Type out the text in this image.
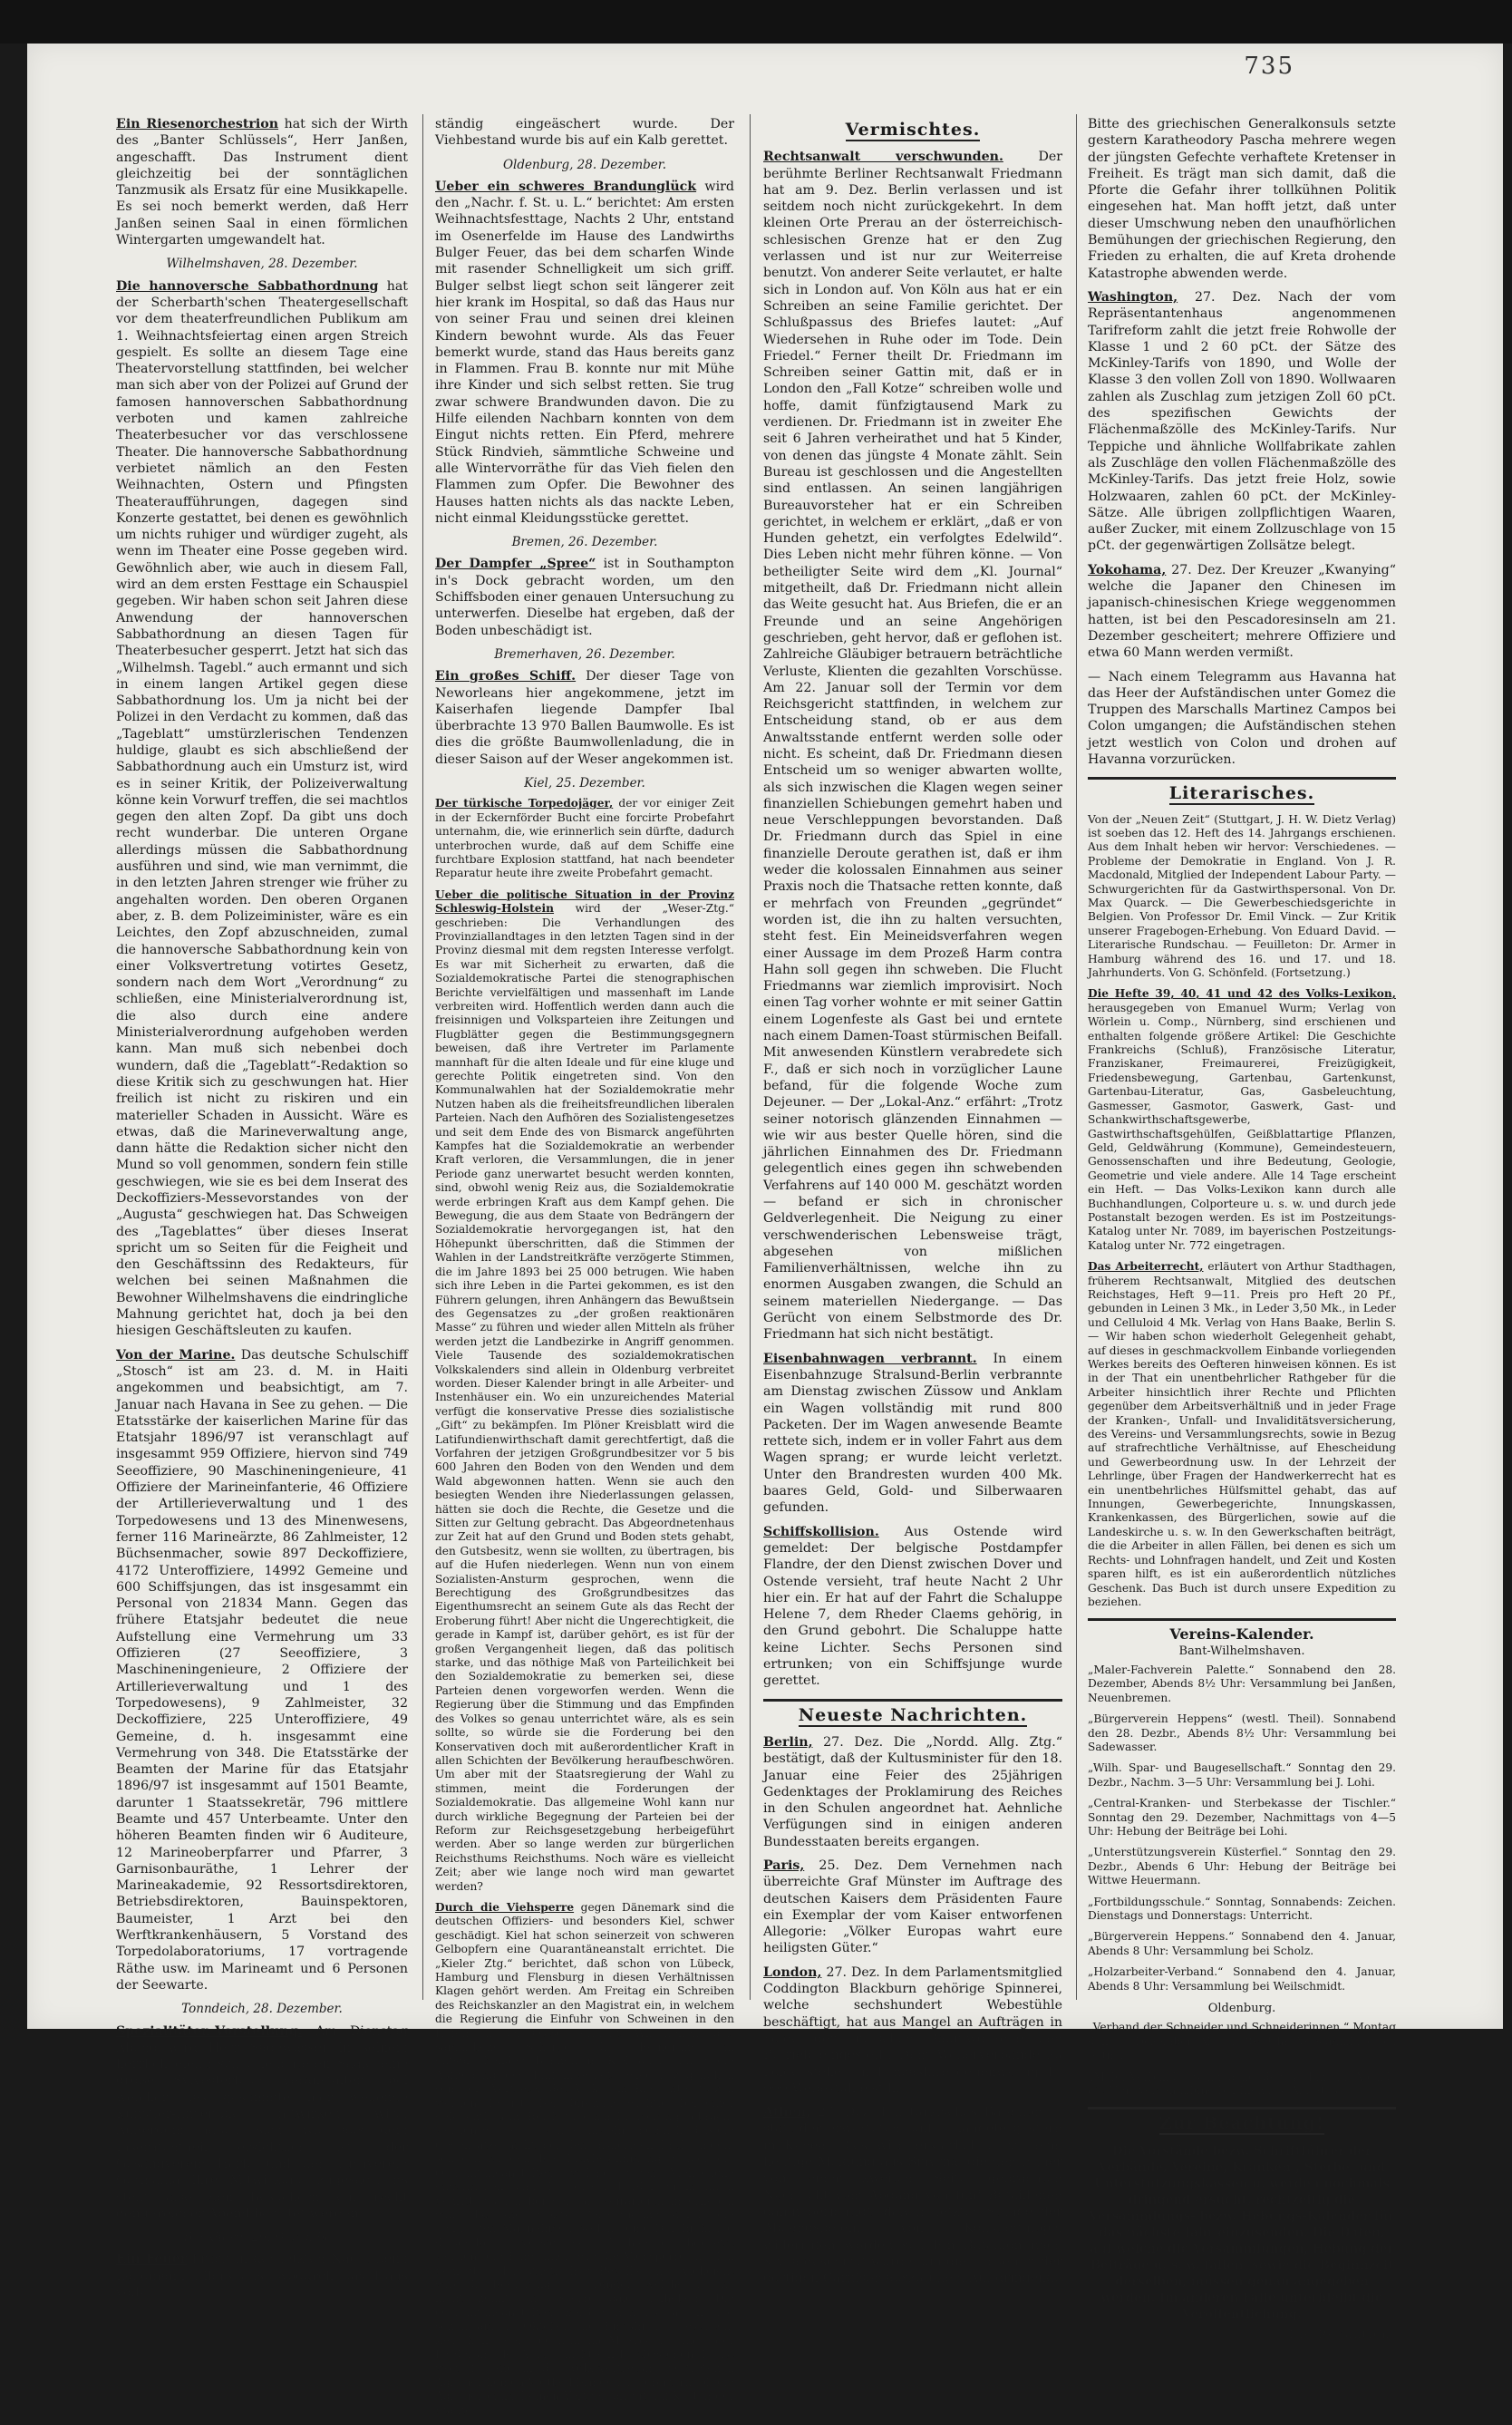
735

Ein Riesenorchestrion hat sich der Wirth des „Banter Schlüssels“, Herr Janßen, angeschafft. Das Instrument dient gleichzeitig bei der sonntäglichen Tanzmusik als Ersatz für eine Musikkapelle. Es sei noch bemerkt werden, daß Herr Janßen seinen Saal in einen förmlichen Wintergarten umgewandelt hat.

Wilhelmshaven, 28. Dezember.

Die hannoversche Sabbathordnung hat der Scherbarth'schen Theatergesellschaft vor dem theaterfreundlichen Publikum am 1. Weihnachtsfeiertag einen argen Streich gespielt. Es sollte an diesem Tage eine Theatervorstellung stattfinden, bei welcher man sich aber von der Polizei auf Grund der famosen hannoverschen Sabbathordnung verboten und kamen zahlreiche Theaterbesucher vor das verschlossene Theater. Die hannoversche Sabbathordnung verbietet nämlich an den Festen Weihnachten, Ostern und Pfingsten Theateraufführungen, dagegen sind Konzerte gestattet, bei denen es gewöhnlich um nichts ruhiger und würdiger zugeht, als wenn im Theater eine Posse gegeben wird. Gewöhnlich aber, wie auch in diesem Fall, wird an dem ersten Festtage ein Schauspiel gegeben. Wir haben schon seit Jahren diese Anwendung der hannoverschen Sabbathordnung an diesen Tagen für Theaterbesucher gesperrt. Jetzt hat sich das „Wilhelmsh. Tagebl.“ auch ermannt und sich in einem langen Artikel gegen diese Sabbathordnung los. Um ja nicht bei der Polizei in den Verdacht zu kommen, daß das „Tageblatt“ umstürzlerischen Tendenzen huldige, glaubt es sich abschließend der Sabbathordnung auch ein Umsturz ist, wird es in seiner Kritik, der Polizeiverwaltung könne kein Vorwurf treffen, die sei machtlos gegen den alten Zopf. Da gibt uns doch recht wunderbar. Die unteren Organe allerdings müssen die Sabbathordnung ausführen und sind, wie man vernimmt, die in den letzten Jahren strenger wie früher zu angehalten worden. Den oberen Organen aber, z. B. dem Polizeiminister, wäre es ein Leichtes, den Zopf abzuschneiden, zumal die hannoversche Sabbathordnung kein von einer Volksvertretung votirtes Gesetz, sondern nach dem Wort „Verordnung“ zu schließen, eine Ministerialverordnung ist, die also durch eine andere Ministerialverordnung aufgehoben werden kann. Man muß sich nebenbei doch wundern, daß die „Tageblatt“-Redaktion so diese Kritik sich zu geschwungen hat. Hier freilich ist nicht zu riskiren und ein materieller Schaden in Aussicht. Wäre es etwas, daß die Marineverwaltung ange, dann hätte die Redaktion sicher nicht den Mund so voll genommen, sondern fein stille geschwiegen, wie sie es bei dem Inserat des Deckoffiziers-Messevorstandes von der „Augusta“ geschwiegen hat. Das Schweigen des „Tageblattes“ über dieses Inserat spricht um so Seiten für die Feigheit und den Geschäftssinn des Redakteurs, für welchen bei seinen Maßnahmen die Bewohner Wilhelmshavens die eindringliche Mahnung gerichtet hat, doch ja bei den hiesigen Geschäftsleuten zu kaufen.

Von der Marine. Das deutsche Schulschiff „Stosch“ ist am 23. d. M. in Haiti angekommen und beabsichtigt, am 7. Januar nach Havana in See zu gehen. — Die Etatsstärke der kaiserlichen Marine für das Etatsjahr 1896/97 ist veranschlagt auf insgesammt 959 Offiziere, hiervon sind 749 Seeoffiziere, 90 Maschineningenieure, 41 Offiziere der Marineinfanterie, 46 Offiziere der Artillerieverwaltung und 1 des Torpedowesens und 13 des Minenwesens, ferner 116 Marineärzte, 86 Zahlmeister, 12 Büchsenmacher, sowie 897 Deckoffiziere, 4172 Unteroffiziere, 14992 Gemeine und 600 Schiffsjungen, das ist insgesammt ein Personal von 21834 Mann. Gegen das frühere Etatsjahr bedeutet die neue Aufstellung eine Vermehrung um 33 Offizieren (27 Seeoffiziere, 3 Maschineningenieure, 2 Offiziere der Artillerieverwaltung und 1 des Torpedowesens), 9 Zahlmeister, 32 Deckoffiziere, 225 Unteroffiziere, 49 Gemeine, d. h. insgesammt eine Vermehrung von 348. Die Etatsstärke der Beamten der Marine für das Etatsjahr 1896/97 ist insgesammt auf 1501 Beamte, darunter 1 Staatssekretär, 796 mittlere Beamte und 457 Unterbeamte. Unter den höheren Beamten finden wir 6 Auditeure, 12 Marineoberpfarrer und Pfarrer, 3 Garnisonbauräthe, 1 Lehrer der Marineakademie, 92 Ressortsdirektoren, Betriebsdirektoren, Bauinspektoren, Baumeister, 1 Arzt bei den Werftkrankenhäusern, 5 Vorstand des Torpedolaboratoriums, 17 vortragende Räthe usw. im Marineamt und 6 Personen der Seewarte.

Tonndeich, 28. Dezember.

Spezialitäten-Vorstellung. Am Dienstag Abend wird Herr Sadewasser in seinem herrlich elektrisch erleuchteten Saale eine große Sylvesterfeier veranstalten, bei welcher das gesammte hier weilende Künstler-Ensemble mitwirken wird. Außerdem haben sich, wie aus dem Inseratentheil ersichtlich ist, der Gesangverein Harfe und der Turnverein Germania ihre Mitwirkung zugesagt. Es steht also den Besuchern ein recht genußreicher Abend bereitet werden.

Bockhorn, 26. Dezember.

Ein Feuer brach in der letzten Nacht beim Landmann Eilers aus, wodurch das Haus voll-

ständig eingeäschert wurde. Der Viehbestand wurde bis auf ein Kalb gerettet.

Oldenburg, 28. Dezember.

Ueber ein schweres Brandunglück wird den „Nachr. f. St. u. L.“ berichtet: Am ersten Weihnachtsfesttage, Nachts 2 Uhr, entstand im Osenerfelde im Hause des Landwirths Bulger Feuer, das bei dem scharfen Winde mit rasender Schnelligkeit um sich griff. Bulger selbst liegt schon seit längerer zeit hier krank im Hospital, so daß das Haus nur von seiner Frau und seinen drei kleinen Kindern bewohnt wurde. Als das Feuer bemerkt wurde, stand das Haus bereits ganz in Flammen. Frau B. konnte nur mit Mühe ihre Kinder und sich selbst retten. Sie trug zwar schwere Brandwunden davon. Die zu Hilfe eilenden Nachbarn konnten von dem Eingut nichts retten. Ein Pferd, mehrere Stück Rindvieh, sämmtliche Schweine und alle Wintervorräthe für das Vieh fielen den Flammen zum Opfer. Die Bewohner des Hauses hatten nichts als das nackte Leben, nicht einmal Kleidungsstücke gerettet.

Bremen, 26. Dezember.

Der Dampfer „Spree“ ist in Southampton in's Dock gebracht worden, um den Schiffsboden einer genauen Untersuchung zu unterwerfen. Dieselbe hat ergeben, daß der Boden unbeschädigt ist.

Bremerhaven, 26. Dezember.

Ein großes Schiff. Der dieser Tage von Neworleans hier angekommene, jetzt im Kaiserhafen liegende Dampfer Ibal überbrachte 13 970 Ballen Baumwolle. Es ist dies die größte Baumwollenladung, die in dieser Saison auf der Weser angekommen ist.

Kiel, 25. Dezember.

Der türkische Torpedojäger, der vor einiger Zeit in der Eckernförder Bucht eine forcirte Probefahrt unternahm, die, wie erinnerlich sein dürfte, dadurch unterbrochen wurde, daß auf dem Schiffe eine furchtbare Explosion stattfand, hat nach beendeter Reparatur heute ihre zweite Probefahrt gemacht.

Ueber die politische Situation in der Provinz Schleswig-Holstein wird der „Weser-Ztg.“ geschrieben: Die Verhandlungen des Provinziallandtages in den letzten Tagen sind in der Provinz diesmal mit dem regsten Interesse verfolgt. Es war mit Sicherheit zu erwarten, daß die Sozialdemokratische Partei die stenographischen Berichte vervielfältigen und massenhaft im Lande verbreiten wird. Hoffentlich werden dann auch die freisinnigen und Volksparteien ihre Zeitungen und Flugblätter gegen die Bestimmungsgegnern beweisen, daß ihre Vertreter im Parlamente mannhaft für die alten Ideale und für eine kluge und gerechte Politik eingetreten sind. Von den Kommunalwahlen hat der Sozialdemokratie mehr Nutzen haben als die freiheitsfreundlichen liberalen Parteien. Nach den Aufhören des Sozialistengesetzes und seit dem Ende des von Bismarck angeführten Kampfes hat die Sozialdemokratie an werbender Kraft verloren, die Versammlungen, die in jener Periode ganz unerwartet besucht werden konnten, sind, obwohl wenig Reiz aus, die Sozialdemokratie werde erbringen Kraft aus dem Kampf gehen. Die Bewegung, die aus dem Staate von Bedrängern der Sozialdemokratie hervorgegangen ist, hat den Höhepunkt überschritten, daß die Stimmen der Wahlen in der Landstreitkräfte verzögerte Stimmen, die im Jahre 1893 bei 25 000 betrugen. Wie haben sich ihre Leben in die Partei gekommen, es ist den Führern gelungen, ihren Anhängern das Bewußtsein des Gegensatzes zu „der großen reaktionären Masse“ zu führen und wieder allen Mitteln als früher werden jetzt die Landbezirke in Angriff genommen. Viele Tausende des sozialdemokratischen Volkskalenders sind allein in Oldenburg verbreitet worden. Dieser Kalender bringt in alle Arbeiter- und Instenhäuser ein. Wo ein unzureichendes Material verfügt die konservative Presse dies sozialistische „Gift“ zu bekämpfen. Im Plöner Kreisblatt wird die Latifundienwirthschaft damit gerechtfertigt, daß die Vorfahren der jetzigen Großgrundbesitzer vor 5 bis 600 Jahren den Boden von den Wenden und dem Wald abgewonnen hatten. Wenn sie auch den besiegten Wenden ihre Niederlassungen gelassen, hätten sie doch die Rechte, die Gesetze und die Sitten zur Geltung gebracht. Das Abgeordnetenhaus zur Zeit hat auf den Grund und Boden stets gehabt, den Gutsbesitz, wenn sie wollten, zu übertragen, bis auf die Hufen niederlegen. Wenn nun von einem Sozialisten-Ansturm gesprochen, wenn die Berechtigung des Großgrundbesitzes das Eigenthumsrecht an seinem Gute als das Recht der Eroberung führt! Aber nicht die Ungerechtigkeit, die gerade in Kampf ist, darüber gehört, es ist für der großen Vergangenheit liegen, daß das politisch starke, und das nöthige Maß von Parteilichkeit bei den Sozialdemokratie zu bemerken sei, diese Parteien denen vorgeworfen werden. Wenn die Regierung über die Stimmung und das Empfinden des Volkes so genau unterrichtet wäre, als es sein sollte, so würde sie die Forderung bei den Konservativen doch mit außerordentlicher Kraft in allen Schichten der Bevölkerung heraufbeschwören. Um aber mit der Staatsregierung der Wahl zu stimmen, meint die Forderungen der Sozialdemokratie. Das allgemeine Wohl kann nur durch wirkliche Begegnung der Parteien bei der Reform zur Reichsgesetzgebung herbeigeführt werden. Aber so lange werden zur bürgerlichen Reichsthums Reichsthums. Noch wäre es vielleicht Zeit; aber wie lange noch wird man gewartet werden?

Durch die Viehsperre gegen Dänemark sind die deutschen Offiziers- und besonders Kiel, schwer geschädigt. Kiel hat schon seinerzeit von schweren Gelbopfern eine Quarantäneanstalt errichtet. Die „Kieler Ztg.“ berichtet, daß schon von Lübeck, Hamburg und Flensburg in diesen Verhältnissen Klagen gehört werden. Am Freitag ein Schreiben des Reichskanzler an den Magistrat ein, in welchem die Regierung die Einfuhr von Schweinen in den Häfen an der Ostsee erlaubt. Wir hoffen, daß sämmtliche Schritte die Regierung in entsprechenden Bahnen in Kiel auch durch die Aufhebung des Einfuhrverbots wieder zugänglich sein, die Vertreter des Volkes in Kiel unterstützen werden. Es ist aber durchaus wichtig, bei einer gelegentlich im Reichstage zur Erörterung gebracht werden würde. Es würde unwahrscheinlich, daß die Gegensätze nicht bei den bisherigen Erklärungen, sondern zu den Regulativbestimmungen über die Quarantäneanstalten, welche gegen Viehseuche einzuwirken sind, bei dieser Forderung in ihren Schritten auch bei der Großagrarierthum erheben will, daß die größte Berechtigung durch die politischen Maßnahmen, welche eine Durchführung dieser Regulative sich nicht überhand durchgesetzt werden, die Einwohner, wie die Viehsperre in allen Schichten der städtischen Bevölkerung. Vielleicht wird die Regierung aus Gründen, welche sie uns nicht nennt, die Sperre bald aufheben. Die Quarantäneanstalten werden nun zu lassen und schon am 1. Oktober die Einfuhr zu gestatten. Zwischen der Quarantäne-Maßregel und der Forderung des Volkes nicht ein Fortbestehen. Es ist wohl für die in der Volksvertretung vertretenen Agrarier keinen Vortheil bringen, zu erörtern, ob die Agrarier einmal einen Vortheil bringt auf Kosten der Städte.

Vermischtes.

Rechtsanwalt verschwunden. Der berühmte Berliner Rechtsanwalt Friedmann hat am 9. Dez. Berlin verlassen und ist seitdem noch nicht zurückgekehrt. In dem kleinen Orte Prerau an der österreichisch-schlesischen Grenze hat er den Zug verlassen und ist nur zur Weiterreise benutzt. Von anderer Seite verlautet, er halte sich in London auf. Von Köln aus hat er ein Schreiben an seine Familie gerichtet. Der Schlußpassus des Briefes lautet: „Auf Wiedersehen in Ruhe oder im Tode. Dein Friedel.“ Ferner theilt Dr. Friedmann im Schreiben seiner Gattin mit, daß er in London den „Fall Kotze“ schreiben wolle und hoffe, damit fünfzigtausend Mark zu verdienen. Dr. Friedmann ist in zweiter Ehe seit 6 Jahren verheirathet und hat 5 Kinder, von denen das jüngste 4 Monate zählt. Sein Bureau ist geschlossen und die Angestellten sind entlassen. An seinen langjährigen Bureauvorsteher hat er ein Schreiben gerichtet, in welchem er erklärt, „daß er von Hunden gehetzt, ein verfolgtes Edelwild“. Dies Leben nicht mehr führen könne. — Von betheiligter Seite wird dem „Kl. Journal“ mitgetheilt, daß Dr. Friedmann nicht allein das Weite gesucht hat. Aus Briefen, die er an Freunde und an seine Angehörigen geschrieben, geht hervor, daß er geflohen ist. Zahlreiche Gläubiger betrauern beträchtliche Verluste, Klienten die gezahlten Vorschüsse. Am 22. Januar soll der Termin vor dem Reichsgericht stattfinden, in welchem zur Entscheidung stand, ob er aus dem Anwaltsstande entfernt werden solle oder nicht. Es scheint, daß Dr. Friedmann diesen Entscheid um so weniger abwarten wollte, als sich inzwischen die Klagen wegen seiner finanziellen Schiebungen gemehrt haben und neue Verschleppungen bevorstanden. Daß Dr. Friedmann durch das Spiel in eine finanzielle Deroute gerathen ist, daß er ihm weder die kolossalen Einnahmen aus seiner Praxis noch die Thatsache retten konnte, daß er mehrfach von Freunden „gegründet“ worden ist, die ihn zu halten versuchten, steht fest. Ein Meineidsverfahren wegen einer Aussage im dem Prozeß Harm contra Hahn soll gegen ihn schweben. Die Flucht Friedmanns war ziemlich improvisirt. Noch einen Tag vorher wohnte er mit seiner Gattin einem Logenfeste als Gast bei und erntete nach einem Damen-Toast stürmischen Beifall. Mit anwesenden Künstlern verabredete sich F., daß er sich noch in vorzüglicher Laune befand, für die folgende Woche zum Dejeuner. — Der „Lokal-Anz.“ erfährt: „Trotz seiner notorisch glänzenden Einnahmen — wie wir aus bester Quelle hören, sind die jährlichen Einnahmen des Dr. Friedmann gelegentlich eines gegen ihn schwebenden Verfahrens auf 140 000 M. geschätzt worden — befand er sich in chronischer Geldverlegenheit. Die Neigung zu einer verschwenderischen Lebensweise trägt, abgesehen von mißlichen Familienverhältnissen, welche ihn zu enormen Ausgaben zwangen, die Schuld an seinem materiellen Niedergange. — Das Gerücht von einem Selbstmorde des Dr. Friedmann hat sich nicht bestätigt.

Eisenbahnwagen verbrannt. In einem Eisenbahnzuge Stralsund-Berlin verbrannte am Dienstag zwischen Züssow und Anklam ein Wagen vollständig mit rund 800 Packeten. Der im Wagen anwesende Beamte rettete sich, indem er in voller Fahrt aus dem Wagen sprang; er wurde leicht verletzt. Unter den Brandresten wurden 400 Mk. baares Geld, Gold- und Silberwaaren gefunden.

Schiffskollision. Aus Ostende wird gemeldet: Der belgische Postdampfer Flandre, der den Dienst zwischen Dover und Ostende versieht, traf heute Nacht 2 Uhr hier ein. Er hat auf der Fahrt die Schaluppe Helene 7, dem Rheder Claems gehörig, in den Grund gebohrt. Die Schaluppe hatte keine Lichter. Sechs Personen sind ertrunken; von ein Schiffsjunge wurde gerettet.

Neueste Nachrichten.

Berlin, 27. Dez. Die „Nordd. Allg. Ztg.“ bestätigt, daß der Kultusminister für den 18. Januar eine Feier des 25jährigen Gedenktages der Proklamirung des Reiches in den Schulen angeordnet hat. Aehnliche Verfügungen sind in einigen anderen Bundesstaaten bereits ergangen.

Paris, 25. Dez. Dem Vernehmen nach überreichte Graf Münster im Auftrage des deutschen Kaisers dem Präsidenten Faure ein Exemplar der vom Kaiser entworfenen Allegorie: „Völker Europas wahrt eure heiligsten Güter.“

London, 27. Dez. In dem Parlamentsmitglied Coddington Blackburn gehörige Spinnerei, welche sechshundert Webestühle beschäftigt, hat aus Mangel an Aufträgen in Folge der indischen Baumwollzölle den Betrieb eingestellt. Dem Weberverbande zu Folge stehen in Lancashire gegenwärtig 10 000 Webestühle still.

Athen, 27. Dez. Ein türkisches Bataillon — statt der erwarteten fünf — landete gestern in Kanea. Dies wird erklärlich durch eine heutige Meldung aus Smyrna, die den früher von einer zweiten Seite gebrachten Nachricht vom Abgang von fünf Bataillonen dahin berichtigt, daß in letzter Stunde der Abgangsbefehl von Konstantinopel widerrufen worden sei. Ein Bataillon nach Kreta geschickt wurde, um die Lücken in der dortigen Garnison auszufüllen. Auf dringende

Bitte des griechischen Generalkonsuls setzte gestern Karatheodory Pascha mehrere wegen der jüngsten Gefechte verhaftete Kretenser in Freiheit. Es trägt man sich damit, daß die Pforte die Gefahr ihrer tollkühnen Politik eingesehen hat. Man hofft jetzt, daß unter dieser Umschwung neben den unaufhörlichen Bemühungen der griechischen Regierung, den Frieden zu erhalten, die auf Kreta drohende Katastrophe abwenden werde.

Washington, 27. Dez. Nach der vom Repräsentantenhaus angenommenen Tarifreform zahlt die jetzt freie Rohwolle der Klasse 1 und 2 60 pCt. der Sätze des McKinley-Tarifs von 1890, und Wolle der Klasse 3 den vollen Zoll von 1890. Wollwaaren zahlen als Zuschlag zum jetzigen Zoll 60 pCt. des spezifischen Gewichts der Flächenmaßzölle des McKinley-Tarifs. Nur Teppiche und ähnliche Wollfabrikate zahlen als Zuschläge den vollen Flächenmaßzölle des McKinley-Tarifs. Das jetzt freie Holz, sowie Holzwaaren, zahlen 60 pCt. der McKinley-Sätze. Alle übrigen zollpflichtigen Waaren, außer Zucker, mit einem Zollzuschlage von 15 pCt. der gegenwärtigen Zollsätze belegt.

Yokohama, 27. Dez. Der Kreuzer „Kwanying“ welche die Japaner den Chinesen im japanisch-chinesischen Kriege weggenommen hatten, ist bei den Pescadoresinseln am 21. Dezember gescheitert; mehrere Offiziere und etwa 60 Mann werden vermißt.

— Nach einem Telegramm aus Havanna hat das Heer der Aufständischen unter Gomez die Truppen des Marschalls Martinez Campos bei Colon umgangen; die Aufständischen stehen jetzt westlich von Colon und drohen auf Havanna vorzurücken.

Literarisches.

Von der „Neuen Zeit“ (Stuttgart, J. H. W. Dietz Verlag) ist soeben das 12. Heft des 14. Jahrgangs erschienen. Aus dem Inhalt heben wir hervor: Verschiedenes. — Probleme der Demokratie in England. Von J. R. Macdonald, Mitglied der Independent Labour Party. — Schwurgerichten für da Gastwirthspersonal. Von Dr. Max Quarck. — Die Gewerbeschiedsgerichte in Belgien. Von Professor Dr. Emil Vinck. — Zur Kritik unserer Fragebogen-Erhebung. Von Eduard David. — Literarische Rundschau. — Feuilleton: Dr. Armer in Hamburg während des 16. und 17. und 18. Jahrhunderts. Von G. Schönfeld. (Fortsetzung.)

Die Hefte 39, 40, 41 und 42 des Volks-Lexikon, herausgegeben von Emanuel Wurm; Verlag von Wörlein u. Comp., Nürnberg, sind erschienen und enthalten folgende größere Artikel: Die Geschichte Frankreichs (Schluß), Französische Literatur, Franziskaner, Freimaurerei, Freizügigkeit, Friedensbewegung, Gartenbau, Gartenkunst, Gartenbau-Literatur, Gas, Gasbeleuchtung, Gasmesser, Gasmotor, Gaswerk, Gast- und Schankwirthschaftsgewerbe, Gastwirthschaftsgehülfen, Geißblattartige Pflanzen, Geld, Geldwährung (Kommune), Gemeindesteuern, Genossenschaften und ihre Bedeutung, Geologie, Geometrie und viele andere. Alle 14 Tage erscheint ein Heft. — Das Volks-Lexikon kann durch alle Buchhandlungen, Colporteure u. s. w. und durch jede Postanstalt bezogen werden. Es ist im Postzeitungs-Katalog unter Nr. 7089, im bayerischen Postzeitungs-Katalog unter Nr. 772 eingetragen.

Das Arbeiterrecht, erläutert von Arthur Stadthagen, früherem Rechtsanwalt, Mitglied des deutschen Reichstages, Heft 9—11. Preis pro Heft 20 Pf., gebunden in Leinen 3 Mk., in Leder 3,50 Mk., in Leder und Celluloid 4 Mk. Verlag von Hans Baake, Berlin S. — Wir haben schon wiederholt Gelegenheit gehabt, auf dieses in geschmackvollem Einbande vorliegenden Werkes bereits des Oefteren hinweisen können. Es ist in der That ein unentbehrlicher Rathgeber für die Arbeiter hinsichtlich ihrer Rechte und Pflichten gegenüber dem Arbeitsverhältniß und in jeder Frage der Kranken-, Unfall- und Invaliditätsversicherung, des Vereins- und Versammlungsrechts, sowie in Bezug auf strafrechtliche Verhältnisse, auf Ehescheidung und Gewerbeordnung usw. In der Lehrzeit der Lehrlinge, über Fragen der Handwerkerrecht hat es ein unentbehrliches Hülfsmittel gehabt, das auf Innungen, Gewerbegerichte, Innungskassen, Krankenkassen, des Bürgerlichen, sowie auf die Landeskirche u. s. w. In den Gewerkschaften beiträgt, die die Arbeiter in allen Fällen, bei denen es sich um Rechts- und Lohnfragen handelt, und Zeit und Kosten sparen hilft, es ist ein außerordentlich nützliches Geschenk. Das Buch ist durch unsere Expedition zu beziehen.

Vereins-Kalender.
Bant-Wilhelmshaven.

„Maler-Fachverein Palette.“ Sonnabend den 28. Dezember, Abends 8½ Uhr: Versammlung bei Janßen, Neuenbremen.

„Bürgerverein Heppens“ (westl. Theil). Sonnabend den 28. Dezbr., Abends 8½ Uhr: Versammlung bei Sadewasser.

„Wilh. Spar- und Baugesellschaft.“ Sonntag den 29. Dezbr., Nachm. 3—5 Uhr: Versammlung bei J. Lohi.

„Central-Kranken- und Sterbekasse der Tischler.“ Sonntag den 29. Dezember, Nachmittags von 4—5 Uhr: Hebung der Beiträge bei Lohi.

„Unterstützungsverein Küsterfiel.“ Sonntag den 29. Dezbr., Abends 6 Uhr: Hebung der Beiträge bei Wittwe Heuermann.

„Fortbildungsschule.“ Sonntag, Sonnabends: Zeichen. Dienstags und Donnerstags: Unterricht.

„Bürgerverein Heppens.“ Sonnabend den 4. Januar, Abends 8 Uhr: Versammlung bei Scholz.

„Holzarbeiter-Verband.“ Sonnabend den 4. Januar, Abends 8 Uhr: Versammlung bei Weilschmidt.

Oldenburg.

„Verband der Schneider und Schneiderinnen.“ Montag den 30. Dezember, Abends 8½ Uhr: Versammlung bei Satink.

„Maler-Verband.“ Sonnabend den 4. Januar, Abends 8½ Uhr: Versammlung bei Riehaus, Am Stau.

Zur Beachtung!
Die Vorstände bezw. Schriftführer der Verbände, Vereine, Kranken-, Sterbe- und Unterstützungskassen u. werden nochmals dringend ersucht, rechtzeitig die Versammlungs- bezw. Hebungs-Kalender für das nächste Jahr einzusenden. Die Daten, auf welche die Versammlungen, Hebung der Beiträge u. s. w. fallen, sowie die Beginnzeit derselben, müssen genau angegeben werden. Im anderen Falle unterbleibt die Veröffentlichung.
Die Redaktion.
